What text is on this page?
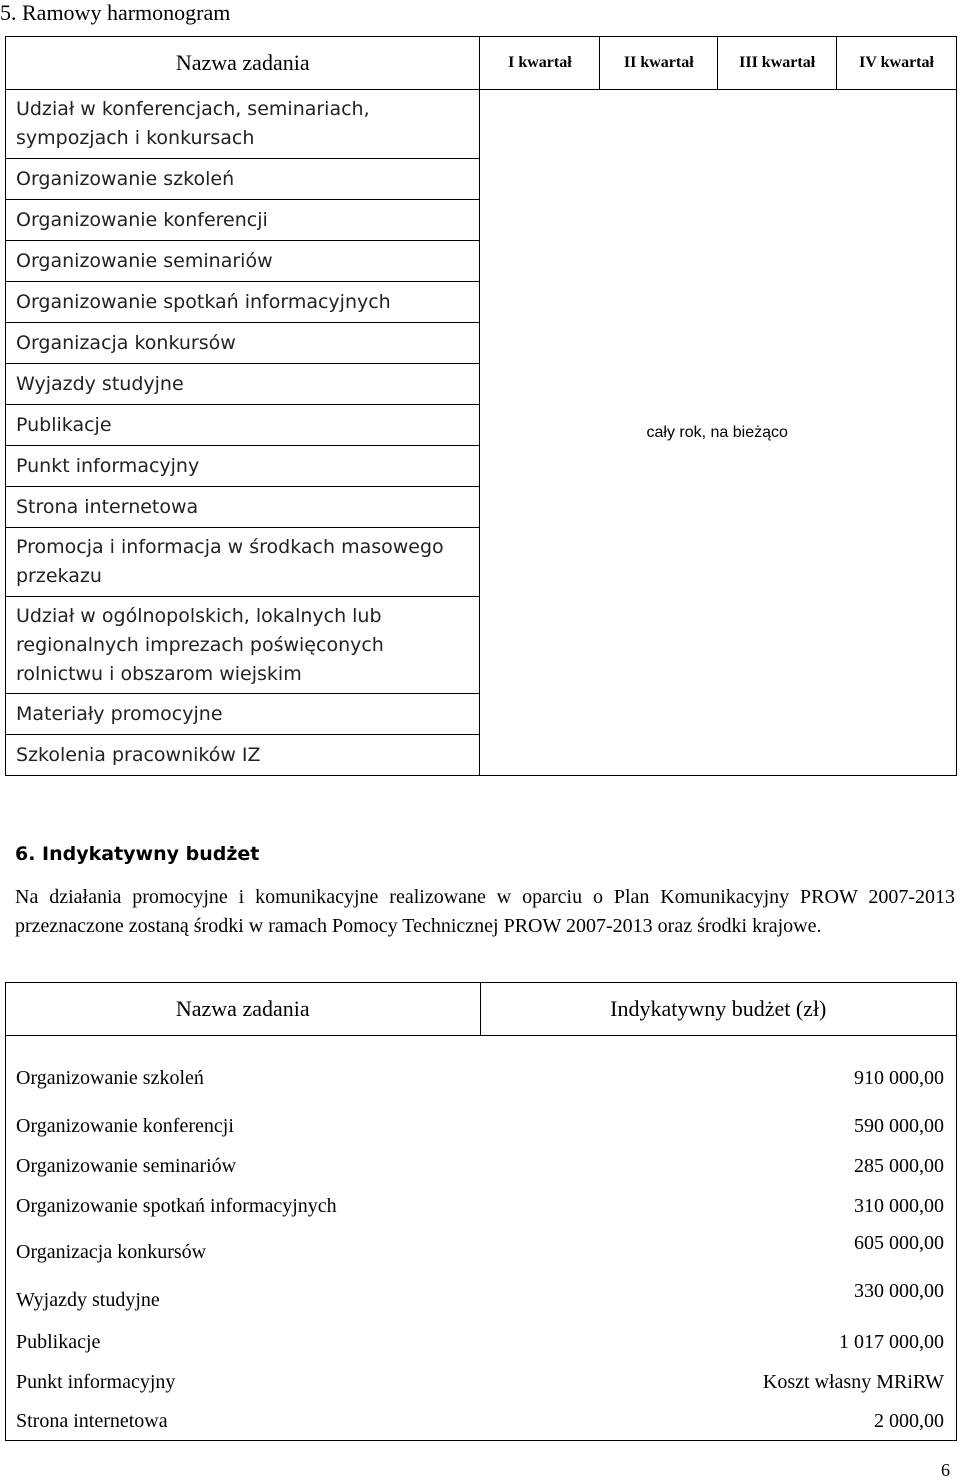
5. Ramowy harmonogram
Nazwa zadania	I kwartał	II kwartał	III kwartał	IV kwartał
Udział w konferencjach, seminariach, sympozjach i konkursach	cały rok, na bieżąco			
Organizowanie szkoleń				
Organizowanie konferencji				
Organizowanie seminariów				
Organizowanie spotkań informacyjnych				
Organizacja konkursów				
Wyjazdy studyjne				
Publikacje				
Punkt informacyjny				
Strona internetowa				
Promocja i informacja w środkach masowego przekazu				
Udział w ogólnopolskich, lokalnych lub regionalnych imprezach poświęconych rolnictwu i obszarom wiejskim				
Materiały promocyjne				
Szkolenia pracowników IZ				
6. Indykatywny budżet
Na działania promocyjne i komunikacyjne realizowane w oparciu o Plan Komunikacyjny PROW 2007-2013 przeznaczone zostaną środki w ramach Pomocy Technicznej PROW 2007-2013 oraz środki krajowe.
Nazwa zadania	Indykatywny budżet (zł)
Organizowanie szkoleń	910 000,00
Organizowanie konferencji	590 000,00
Organizowanie seminariów	285 000,00
Organizowanie spotkań informacyjnych	310 000,00
Organizacja konkursów	605 000,00
Wyjazdy studyjne	330 000,00
Publikacje	1 017 000,00
Punkt informacyjny	Koszt własny MRiRW
Strona internetowa	2 000,00
6
